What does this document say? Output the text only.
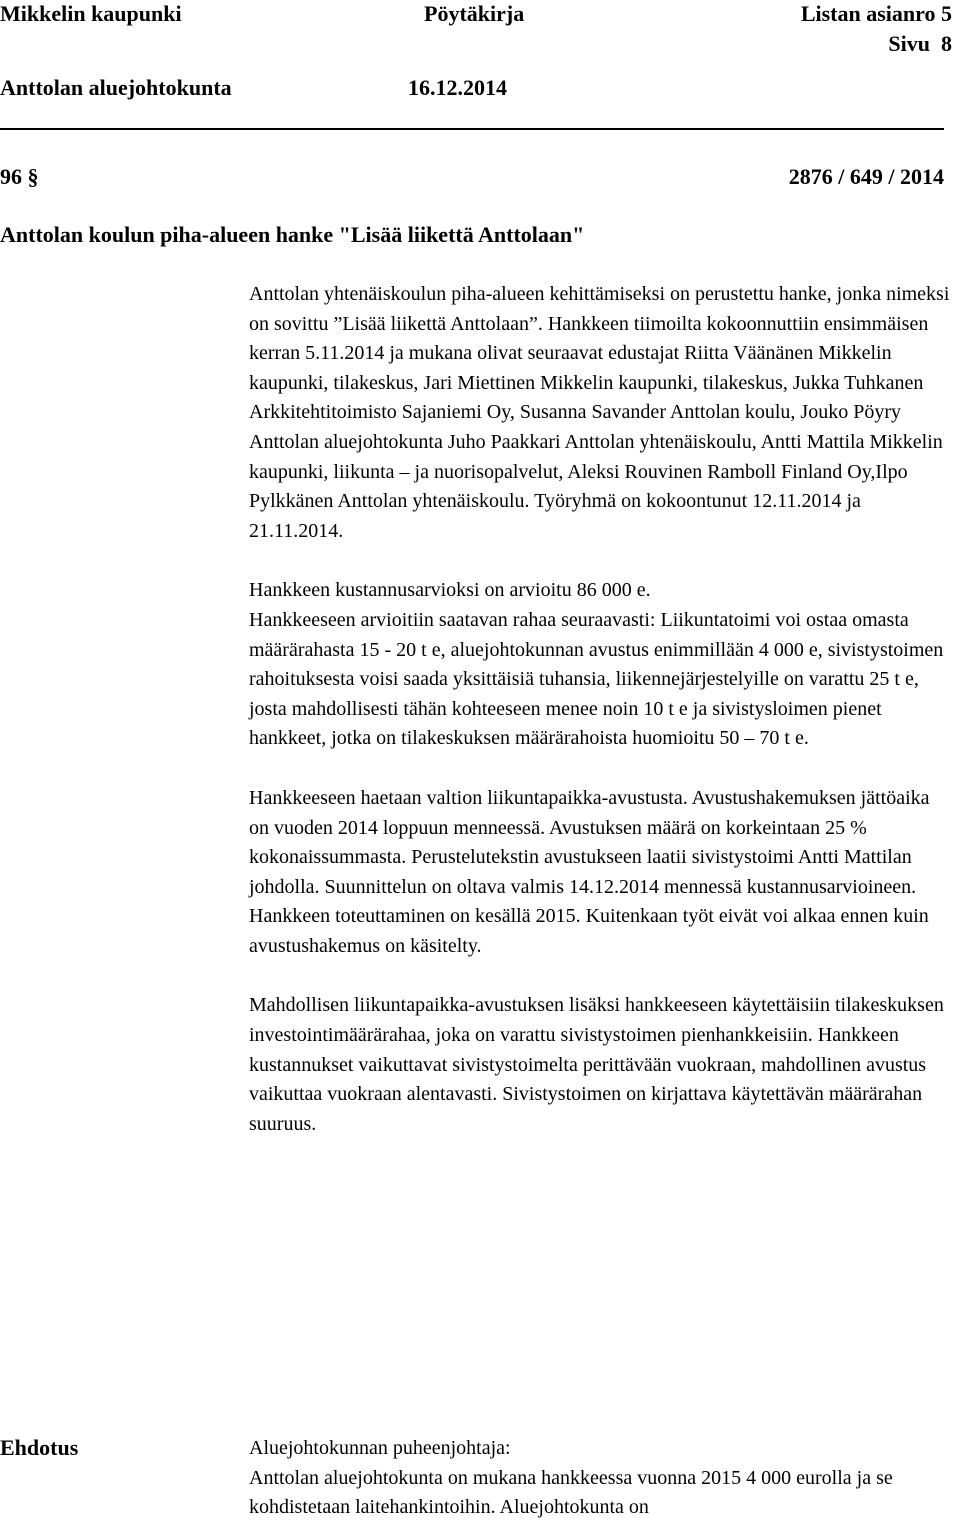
Mikkelin kaupunki	Pöytäkirja	Listan asianro 5
Sivu  8
Anttolan aluejohtokunta	16.12.2014
96 §	2876 / 649 / 2014
Anttolan koulun piha-alueen hanke "Lisää liikettä Anttolaan"

Anttolan yhtenäiskoulun piha-alueen kehittämiseksi on perustettu hanke, jonka nimeksi on sovittu ”Lisää liikettä Anttolaan”. Hankkeen tiimoilta kokoonnuttiin ensimmäisen kerran 5.11.2014 ja mukana olivat seuraavat edustajat Riitta Väänänen Mikkelin kaupunki, tilakeskus, Jari Miettinen Mikkelin kaupunki, tilakeskus, Jukka Tuhkanen Arkkitehtitoimisto Sajaniemi Oy, Susanna Savander Anttolan koulu, Jouko Pöyry Anttolan aluejohtokunta Juho Paakkari Anttolan yhtenäiskoulu, Antti Mattila Mikkelin kaupunki, liikunta – ja nuorisopalvelut, Aleksi Rouvinen Ramboll Finland Oy,Ilpo Pylkkänen Anttolan yhtenäiskoulu. Työryhmä on kokoontunut 12.11.2014 ja 21.11.2014.

Hankkeen kustannusarvioksi on arvioitu 86 000 e.

Hankkeeseen arvioitiin saatavan rahaa seuraavasti: Liikuntatoimi voi ostaa omasta määrärahasta 15 - 20 t e, aluejohtokunnan avustus enimmillään 4 000 e, sivistystoimen rahoituksesta voisi saada yksittäisiä tuhansia, liikennejärjestelyille on varattu 25 t e, josta mahdollisesti tähän kohteeseen menee noin 10 t e ja sivistysloimen pienet hankkeet, jotka on tilakeskuksen määrärahoista huomioitu 50 – 70 t e.

Hankkeeseen haetaan valtion liikuntapaikka-avustusta. Avustushakemuksen jättöaika on vuoden 2014 loppuun menneessä. Avustuksen määrä on korkeintaan 25 % kokonaissummasta. Perustelutekstin avustukseen laatii sivistystoimi Antti Mattilan johdolla. Suunnittelun on oltava valmis 14.12.2014 mennessä kustannusarvioineen. Hankkeen toteuttaminen on kesällä 2015. Kuitenkaan työt eivät voi alkaa ennen kuin avustushakemus on käsitelty.

Mahdollisen liikuntapaikka-avustuksen lisäksi hankkeeseen käytettäisiin tilakeskuksen investointimäärärahaa, joka on varattu sivistystoimen pienhankkeisiin. Hankkeen kustannukset vaikuttavat sivistystoimelta perittävään vuokraan, mahdollinen avustus vaikuttaa vuokraan alentavasti. Sivistystoimen on kirjattava käytettävän määrärahan suuruus.

Ehdotus	Aluejohtokunnan puheenjohtaja:

Anttolan aluejohtokunta on mukana hankkeessa vuonna 2015 4 000 eurolla ja se kohdistetaan laitehankintoihin. Aluejohtokunta on
